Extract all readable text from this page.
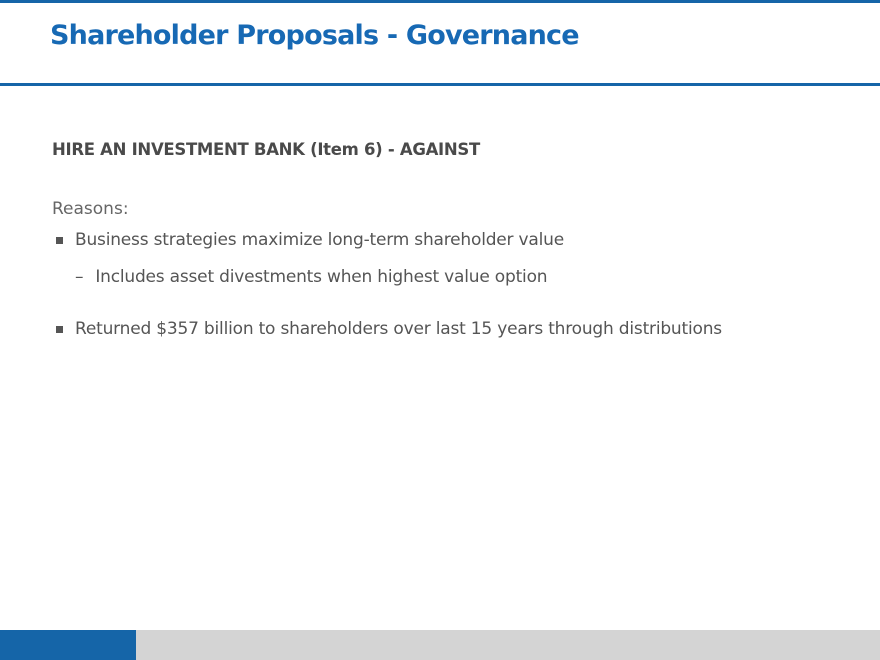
Shareholder Proposals - Governance
HIRE AN INVESTMENT BANK (Item 6) - AGAINST
Reasons:
Business strategies maximize long-term shareholder value
– Includes asset divestments when highest value option
Returned $357 billion to shareholders over last 15 years through distributions
